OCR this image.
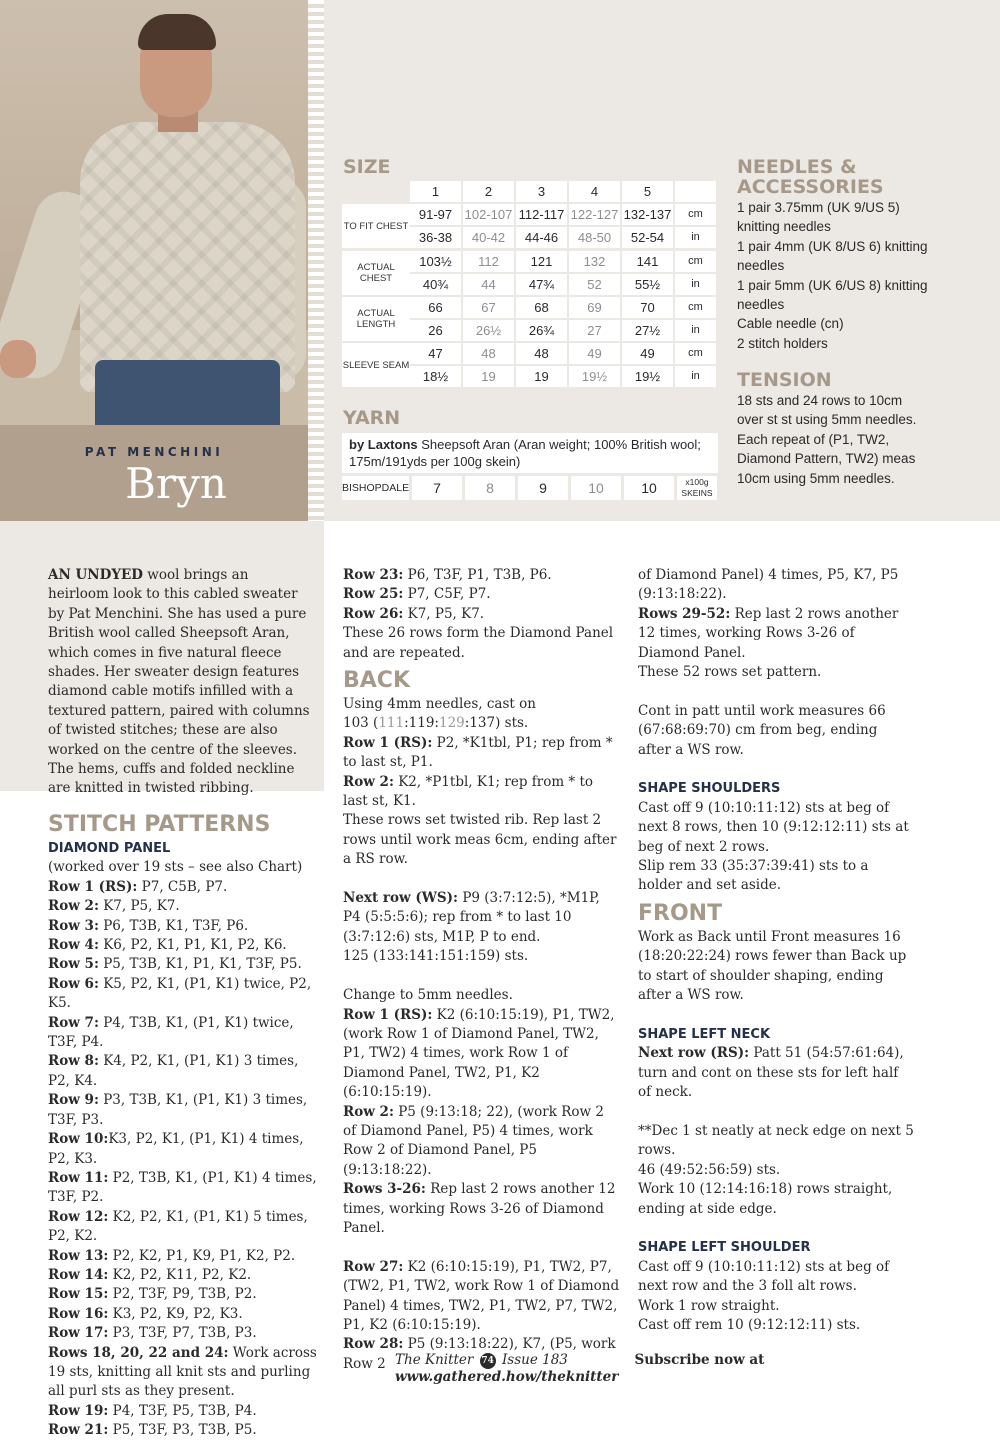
PAT MENCHINI
Bryn
SIZE
1	2	3	4	5
TO FIT CHEST
91-97 102-107 112-117 122-127 132-137	cm
36-38	40-42	44-46	48-50	52-54	in
ACTUAL CHEST
103½	112	121	132	141	cm
40¾	44	47¾	52	55½	in
ACTUAL LENGTH
66	67	68	69	70	cm
26	26½	26¾	27	27½	in
SLEEVE SEAM
47	48	48	49	49	cm
18½	19	19	19½	19½	in
YARN
by Laxtons Sheepsoft Aran (Aran weight; 100% British wool; 175m/191yds per 100g skein)
BISHOPDALE	7	8	9	10	10	x100g SKEINS
NEEDLES & ACCESSORIES
1 pair 3.75mm (UK 9/US 5) knitting needles
1 pair 4mm (UK 8/US 6) knitting needles
1 pair 5mm (UK 6/US 8) knitting needles
Cable needle (cn)
2 stitch holders
TENSION
18 sts and 24 rows to 10cm over st st using 5mm needles. Each repeat of (P1, TW2, Diamond Pattern, TW2) meas 10cm using 5mm needles.
AN UNDYED wool brings an heirloom look to this cabled sweater by Pat Menchini. She has used a pure British wool called Sheepsoft Aran, which comes in five natural fleece shades. Her sweater design features diamond cable motifs infilled with a textured pattern, paired with columns of twisted stitches; these are also worked on the centre of the sleeves. The hems, cuffs and folded neckline are knitted in twisted ribbing.
STITCH PATTERNS
DIAMOND PANEL

(worked over 19 sts – see also Chart)

Row 1 (RS): P7, C5B, P7.

Row 2: K7, P5, K7.

Row 3: P6, T3B, K1, T3F, P6.

Row 4: K6, P2, K1, P1, K1, P2, K6.

Row 5: P5, T3B, K1, P1, K1, T3F, P5.

Row 6: K5, P2, K1, (P1, K1) twice, P2, K5.

Row 7: P4, T3B, K1, (P1, K1) twice, T3F, P4.

Row 8: K4, P2, K1, (P1, K1) 3 times, P2, K4.

Row 9: P3, T3B, K1, (P1, K1) 3 times, T3F, P3.

Row 10:K3, P2, K1, (P1, K1) 4 times, P2, K3.

Row 11: P2, T3B, K1, (P1, K1) 4 times, T3F, P2.

Row 12: K2, P2, K1, (P1, K1) 5 times, P2, K2.

Row 13: P2, K2, P1, K9, P1, K2, P2.

Row 14: K2, P2, K11, P2, K2.

Row 15: P2, T3F, P9, T3B, P2.

Row 16: K3, P2, K9, P2, K3.

Row 17: P3, T3F, P7, T3B, P3.

Rows 18, 20, 22 and 24: Work across 19 sts, knitting all knit sts and purling all purl sts as they present.

Row 19: P4, T3F, P5, T3B, P4.

Row 21: P5, T3F, P3, T3B, P5.

Row 23: P6, T3F, P1, T3B, P6.

Row 25: P7, C5F, P7.

Row 26: K7, P5, K7.

These 26 rows form the Diamond Panel and are repeated.

BACK

Using 4mm needles, cast on

103 (111:119:129:137) sts.

Row 1 (RS): P2, *K1tbl, P1; rep from * to last st, P1.

Row 2: K2, *P1tbl, K1; rep from * to last st, K1.

These rows set twisted rib. Rep last 2 rows until work meas 6cm, ending after a RS row.

Next row (WS): P9 (3:7:12:5), *M1P, P4 (5:5:5:6); rep from * to last 10 (3:7:12:6) sts, M1P, P to end.

125 (133:141:151:159) sts.

Change to 5mm needles.

Row 1 (RS): K2 (6:10:15:19), P1, TW2, (work Row 1 of Diamond Panel, TW2, P1, TW2) 4 times, work Row 1 of Diamond Panel, TW2, P1, K2 (6:10:15:19).

Row 2: P5 (9:13:18; 22), (work Row 2 of Diamond Panel, P5) 4 times, work Row 2 of Diamond Panel, P5 (9:13:18:22).

Rows 3-26: Rep last 2 rows another 12 times, working Rows 3-26 of Diamond Panel.

Row 27: K2 (6:10:15:19), P1, TW2, P7, (TW2, P1, TW2, work Row 1 of Diamond Panel) 4 times, TW2, P1, TW2, P7, TW2, P1, K2 (6:10:15:19).

Row 28: P5 (9:13:18:22), K7, (P5, work Row 2

of Diamond Panel) 4 times, P5, K7, P5 (9:13:18:22).

Rows 29-52: Rep last 2 rows another 12 times, working Rows 3-26 of Diamond Panel.

These 52 rows set pattern.

Cont in patt until work measures 66 (67:68:69:70) cm from beg, ending after a WS row.

SHAPE SHOULDERS

Cast off 9 (10:10:11:12) sts at beg of next 8 rows, then 10 (9:12:12:11) sts at beg of next 2 rows.

Slip rem 33 (35:37:39:41) sts to a holder and set aside.

FRONT

Work as Back until Front measures 16 (18:20:22:24) rows fewer than Back up to start of shoulder shaping, ending after a WS row.

SHAPE LEFT NECK

Next row (RS): Patt 51 (54:57:61:64), turn and cont on these sts for left half of neck.

**Dec 1 st neatly at neck edge on next 5 rows.

46 (49:52:56:59) sts.

Work 10 (12:14:16:18) rows straight, ending at side edge.

SHAPE LEFT SHOULDER

Cast off 9 (10:10:11:12) sts at beg of next row and the 3 foll alt rows.

Work 1 row straight.

Cast off rem 10 (9:12:12:11) sts.

The Knitter 74 Issue 183	Subscribe now at www.gathered.how/theknitter
